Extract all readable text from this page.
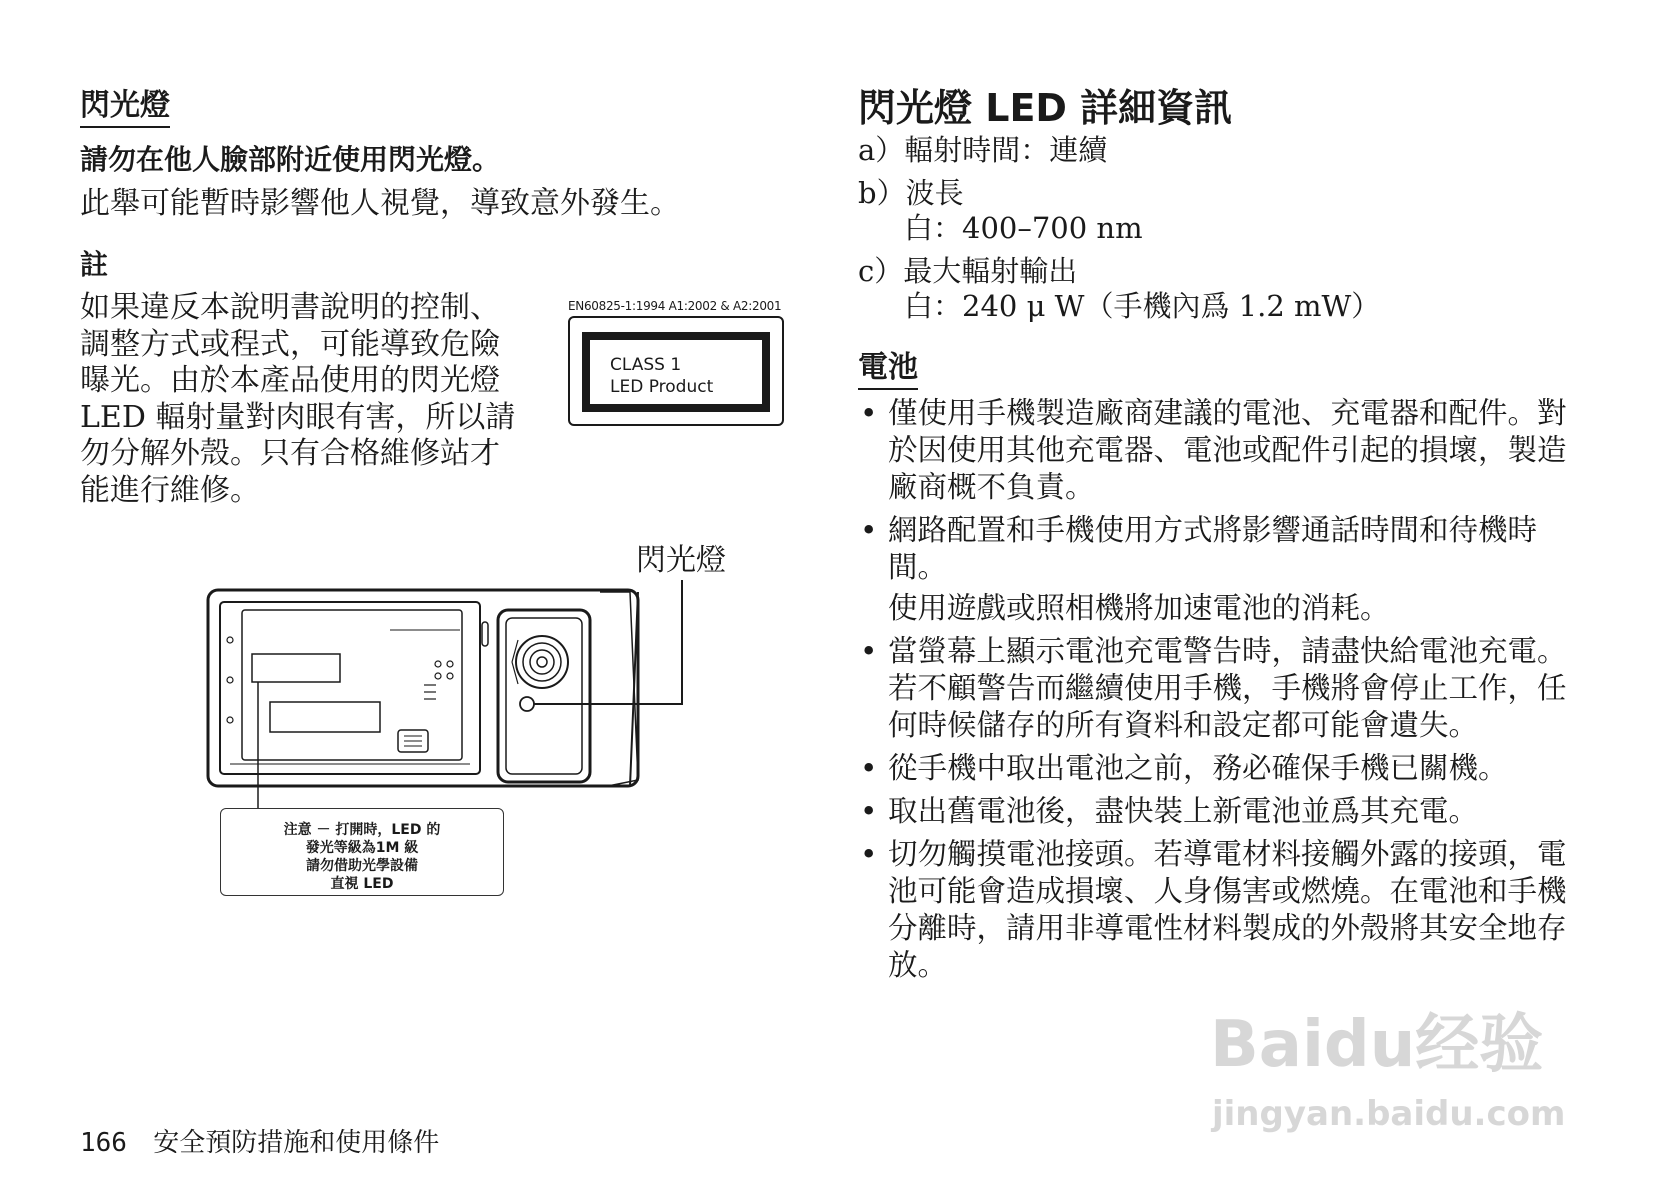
閃光燈
請勿在他人臉部附近使用閃光燈。
此舉可能暫時影響他人視覺，導致意外發生。
註
如果違反本說明書說明的控制、
調整方式或程式，可能導致危險
曝光。由於本產品使用的閃光燈
LED 輻射量對肉眼有害，所以請
勿分解外殼。只有合格維修站才
能進行維修。
EN60825-1:1994 A1:2002 & A2:2001
CLASS 1
LED Product
閃光燈
注意 － 打開時，LED 的
發光等級為1M 級
請勿借助光學設備
直視 LED
閃光燈 LED 詳細資訊
a）輻射時間：連續
b）波長
白：400–700 nm
c）最大輻射輸出
白：240 μ W（手機內爲 1.2 mW）
電池
• 僅使用手機製造廠商建議的電池、充電器和配件。對於因使用其他充電器、電池或配件引起的損壞，製造廠商概不負責。
• 網路配置和手機使用方式將影響通話時間和待機時間。
使用遊戲或照相機將加速電池的消耗。
• 當螢幕上顯示電池充電警告時，請盡快給電池充電。若不顧警告而繼續使用手機，手機將會停止工作，任何時候儲存的所有資料和設定都可能會遺失。
• 從手機中取出電池之前，務必確保手機已關機。
• 取出舊電池後，盡快裝上新電池並爲其充電。
• 切勿觸摸電池接頭。若導電材料接觸外露的接頭，電池可能會造成損壞、人身傷害或燃燒。在電池和手機分離時，請用非導電性材料製成的外殼將其安全地存放。
Baidu经验
jingyan.baidu.com
166 安全預防措施和使用條件
